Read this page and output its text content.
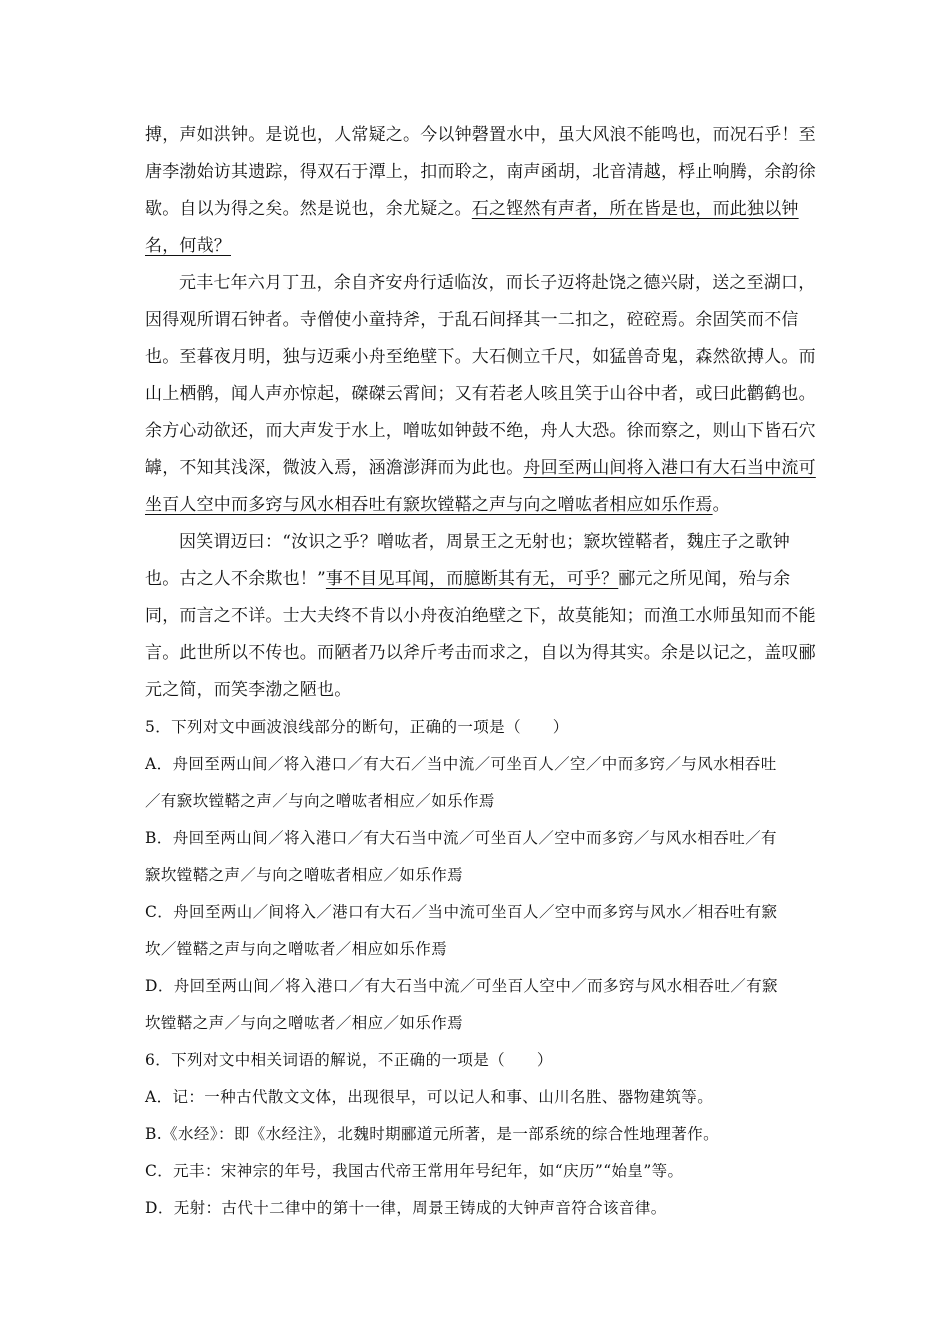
搏，声如洪钟。是说也，人常疑之。今以钟磬置水中，虽大风浪不能鸣也，而况石乎！至
唐李渤始访其遗踪，得双石于潭上，扣而聆之，南声函胡，北音清越，桴止响腾，余韵徐
歇。自以为得之矣。然是说也，余尤疑之。石之铿然有声者，所在皆是也，而此独以钟
名，何哉？
元丰七年六月丁丑，余自齐安舟行适临汝，而长子迈将赴饶之德兴尉，送之至湖口，
因得观所谓石钟者。寺僧使小童持斧，于乱石间择其一二扣之，硿硿焉。余固笑而不信
也。至暮夜月明，独与迈乘小舟至绝壁下。大石侧立千尺，如猛兽奇鬼，森然欲搏人。而
山上栖鹘，闻人声亦惊起，磔磔云霄间；又有若老人咳且笑于山谷中者，或曰此鹳鹤也。
余方心动欲还，而大声发于水上，噌吰如钟鼓不绝，舟人大恐。徐而察之，则山下皆石穴
罅，不知其浅深，微波入焉，涵澹澎湃而为此也。舟回至两山间将入港口有大石当中流可
坐百人空中而多窍与风水相吞吐有窾坎镗鞳之声与向之噌吰者相应如乐作焉。
因笑谓迈曰：“汝识之乎？噌吰者，周景王之无射也；窾坎镗鞳者，魏庄子之歌钟
也。古之人不余欺也！”事不目见耳闻，而臆断其有无，可乎？郦元之所见闻，殆与余
同，而言之不详。士大夫终不肯以小舟夜泊绝壁之下，故莫能知；而渔工水师虽知而不能
言。此世所以不传也。而陋者乃以斧斤考击而求之，自以为得其实。余是以记之，盖叹郦
元之简，而笑李渤之陋也。
5．下列对文中画波浪线部分的断句，正确的一项是（　　）
A．舟回至两山间／将入港口／有大石／当中流／可坐百人／空／中而多窍／与风水相吞吐
／有窾坎镗鞳之声／与向之噌吰者相应／如乐作焉
B．舟回至两山间／将入港口／有大石当中流／可坐百人／空中而多窍／与风水相吞吐／有
窾坎镗鞳之声／与向之噌吰者相应／如乐作焉
C．舟回至两山／间将入／港口有大石／当中流可坐百人／空中而多窍与风水／相吞吐有窾
坎／镗鞳之声与向之噌吰者／相应如乐作焉
D．舟回至两山间／将入港口／有大石当中流／可坐百人空中／而多窍与风水相吞吐／有窾
坎镗鞳之声／与向之噌吰者／相应／如乐作焉
6．下列对文中相关词语的解说，不正确的一项是（　　）
A．记：一种古代散文文体，出现很早，可以记人和事、山川名胜、器物建筑等。
B.《水经》：即《水经注》，北魏时期郦道元所著，是一部系统的综合性地理著作。
C．元丰：宋神宗的年号，我国古代帝王常用年号纪年，如“庆历”“始皇”等。
D．无射：古代十二律中的第十一律，周景王铸成的大钟声音符合该音律。
